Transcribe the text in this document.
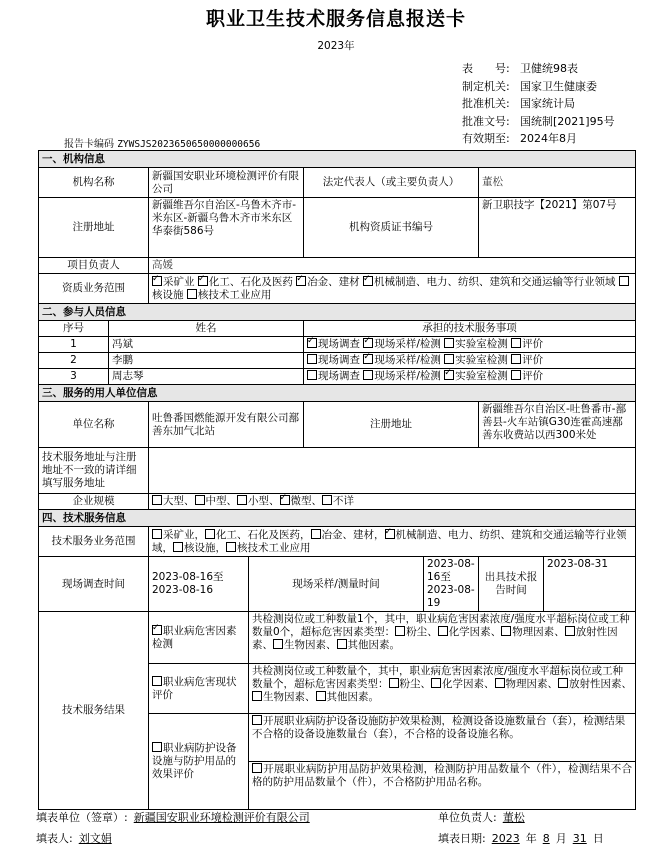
职业卫生技术服务信息报送卡
2023年
表　　号: 卫健统98表
制定机关: 国家卫生健康委
批准机关: 国家统计局
批准文号: 国统制[2021]95号
有效期至: 2024年8月
报告卡编码 ZYWSJS2023650650000000656
一、机构信息							
机构名称		新疆国安职业环境检测评价有限公司		法定代表人（或主要负责人）		董松	
注册地址		新疆维吾尔自治区-乌鲁木齐市-米东区-新疆乌鲁木齐市米东区华泰街586号		机构资质证书编号		新卫职技字【2021】第07号	
项目负责人		高媛					
资质业务范围	✓采矿业 ✓ 化工、石化及医药 ✓ 冶金、建材 ✓ 机械制造、电力、纺织、建筑和交通运输等行业领域 核设施 核技术工业应用
二、参与人员信息							
序号	姓名			承担的技术服务事项			
1	冯斌	✓现场调查 ✓ 现场采样/检测 实验室检测 评价
2	李鹏			现场调查 ✓ 现场采样/检测 实验室检测 评价
3	周志琴			现场调查 现场采样/检测 ✓ 实验室检测 评价
三、服务的用人单位信息							
单位名称		吐鲁番国燃能源开发有限公司鄯善东加气北站		注册地址		新疆维吾尔自治区-吐鲁番市-鄯善县-火车站镇G30连霍高速鄯善东收费站以西300米处	
技术服务地址与注册地址不一致的请详细填写服务地址							
企业规模		大型、 中型、 小型、 ✓ 微型、 不详
四、技术服务信息							
技术服务业务范围		采矿业， 化工、石化及医药， 冶金、建材， ✓ 机械制造、电力、纺织、建筑和交通运输等行业领域， 核设施， 核技术工业应用
现场调查时间		2023-08-16至2023-08-16	现场采样/测量时间		2023-08-16至2023-08-19	出具技术报告时间	2023-08-31
技术服务结果	✓职业病危害因素检测	共检测岗位或工种数量1个，其中，职业病危害因素浓度/强度水平超标岗位或工种数量0个，超标危害因素类型： 粉尘、 化学因素、 物理因素、 放射性因素、 生物因素、 其他因素。				
		职业病危害现状评价	共检测岗位或工种数量个，其中，职业病危害因素浓度/强度水平超标岗位或工种数量个，超标危害因素类型： 粉尘、 化学因素、 物理因素、 放射性因素、生物因素、 其他因素。				
		职业病防护设备设施与防护用品的效果评价	开展职业病防护设备设施防护效果检测，检测设备设施数量台（套），检测结果不合格的设备设施数量台（套），不合格的设备设施名称。				
			开展职业病防护用品防护效果检测，检测防护用品数量个（件），检测结果不合格的防护用品数量个（件），不合格防护用品名称。				
填表单位（签章）: 新疆国安职业环境检测评价有限公司	单位负责人: 董松
填表人: 刘文娟	填表日期: 2023 年 8 月 31 日
